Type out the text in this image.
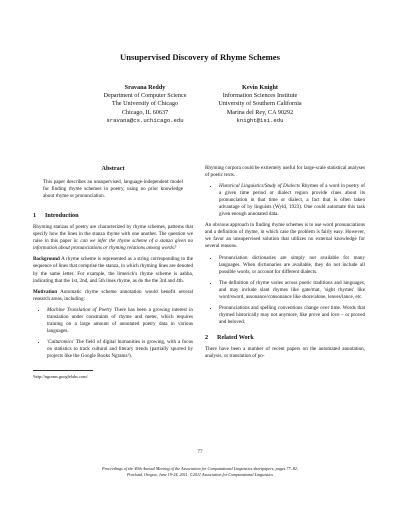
Unsupervised Discovery of Rhyme Schemes
Sravana Reddy
Department of Computer Science
The University of Chicago
Chicago, IL 60637
sravana@cs.uchicago.edu
Kevin Knight
Information Sciences Institute
University of Southern California
Marina del Rey, CA 90292
knight@isi.edu
Abstract
This paper describes an unsupervised, language-independent model for finding rhyme schemes in poetry, using no prior knowledge about rhyme or pronunciation.
1 Introduction

Rhyming stanzas of poetry are characterized by rhyme schemes, patterns that specify how the lines in the stanza rhyme with one another. The question we raise in this paper is: can we infer the rhyme scheme of a stanza given no information about pronunciations or rhyming relations among words?

Background A rhyme scheme is represented as a string corresponding to the sequence of lines that comprise the stanza, in which rhyming lines are denoted by the same letter. For example, the limerick's rhyme scheme is aabba, indicating that the 1st, 2nd, and 5th lines rhyme, as do the the 3rd and 4th.

Motivation Automatic rhyme scheme annotation would benefit several research areas, including:

• Machine Translation of Poetry There has been a growing interest in translation under constraints of rhyme and meter, which requires training on a large amount of annotated poetry data in various languages.
• 'Culturomics' The field of digital humanities is growing, with a focus on statistics to track cultural and literary trends (partially spurred by projects like the Google Books Ngrams¹).
¹http://ngrams.googlelabs.com/

Rhyming corpora could be extremely useful for large-scale statistical analyses of poetic texts.

• Historical Linguistics/Study of Dialects Rhymes of a word in poetry of a given time period or dialect region provide clues about its pronunciation in that time or dialect, a fact that is often taken advantage of by linguists (Wyld, 1923). One could automate this task given enough annotated data.

An obvious approach to finding rhyme schemes is to use word pronunciations and a definition of rhyme, in which case the problem is fairly easy. However, we favor an unsupervised solution that utilizes no external knowledge for several reasons.

• Pronunciation dictionaries are simply not available for many languages. When dictionaries are available, they do not include all possible words, or account for different dialects.
• The definition of rhyme varies across poetic traditions and languages, and may include slant rhymes like gate/mat, 'sight rhymes' like word/sword, assonance/consonance like shore/alone, leaves/lance, etc.
• Pronunciations and spelling conventions change over time. Words that rhymed historically may not anymore, like prove and love – or proved and beloved.
2 Related Work

There have been a number of recent papers on the automated annotation, analysis, or translation of po-

77
Proceedings of the 49th Annual Meeting of the Association for Computational Linguistics:shortpapers, pages 77–82,
Portland, Oregon, June 19-24, 2011. ©2011 Association for Computational Linguistics
